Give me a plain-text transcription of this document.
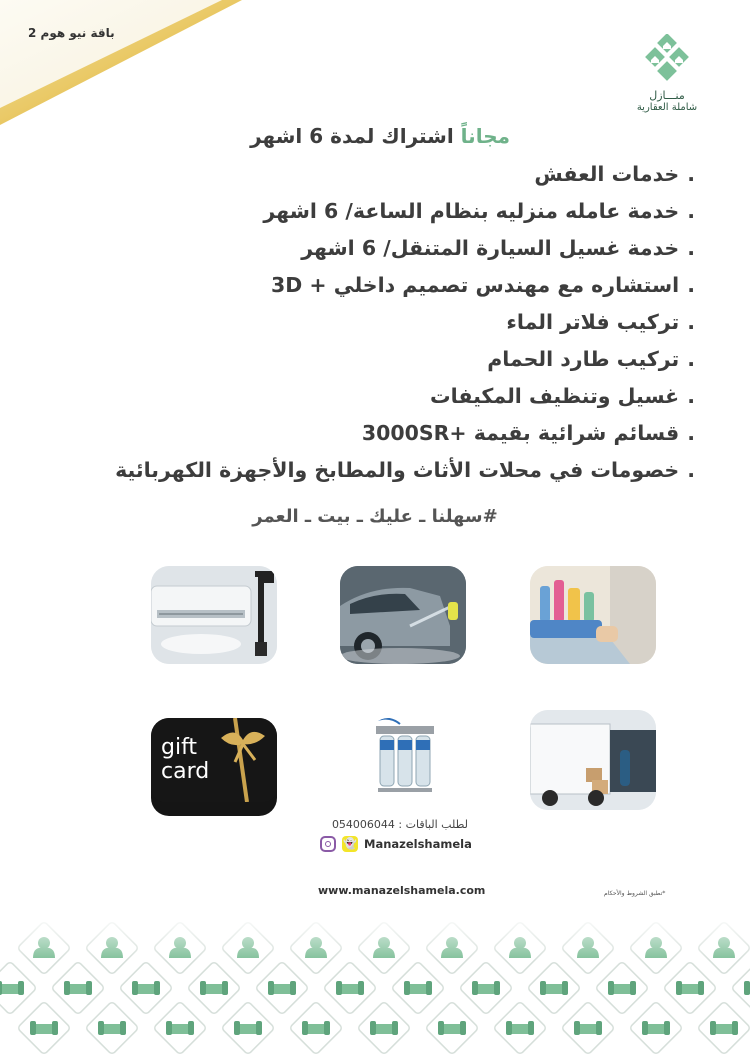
باقة نيو هوم 2
منـــازل
شاملة العقارية
مجاناً اشتراك لمدة 6 اشهر
.خدمات العفش
.خدمة عامله منزليه بنظام الساعة/ 6 اشهر
.خدمة غسيل السيارة المتنقل/ 6 اشهر
.استشاره مع مهندس تصميم داخلي + 3D
.تركيب فلاتر الماء
.تركيب طارد الحمام
.غسيل وتنظيف المكيفات
.قسائم شرائية بقيمة +3000SR
.خصومات في محلات الأثاث والمطابخ والأجهزة الكهربائية
#سهلنا ـ عليك ـ بيت ـ العمر
gift
card
لطلب الباقات : 054006044
👻 Manazelshamela
www.manazelshamela.com	*تطبق الشروط والأحكام
